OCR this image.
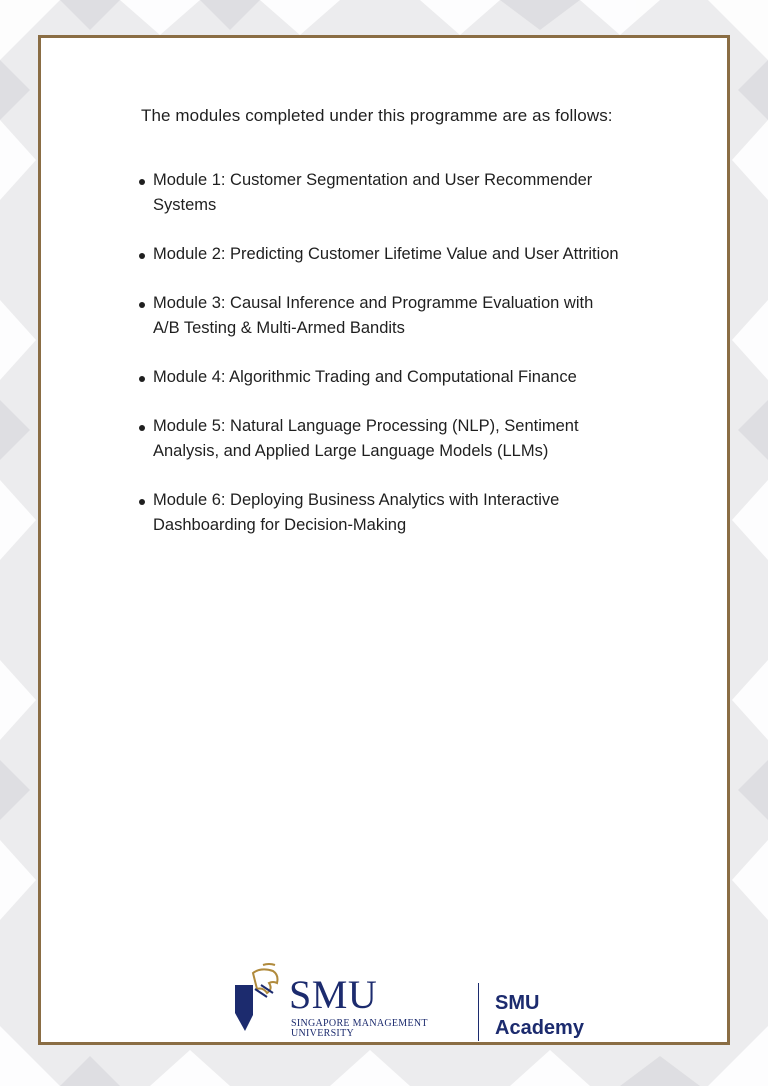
The modules completed under this programme are as follows:

Module 1: Customer Segmentation and User Recommender Systems
Module 2: Predicting Customer Lifetime Value and User Attrition
Module 3: Causal Inference and Programme Evaluation with A/B Testing & Multi-Armed Bandits
Module 4: Algorithmic Trading and Computational Finance
Module 5: Natural Language Processing (NLP), Sentiment Analysis, and Applied Large Language Models (LLMs)
Module 6: Deploying Business Analytics with Interactive Dashboarding for Decision-Making
SMU
SINGAPORE MANAGEMENT UNIVERSITY
SMU
Academy
